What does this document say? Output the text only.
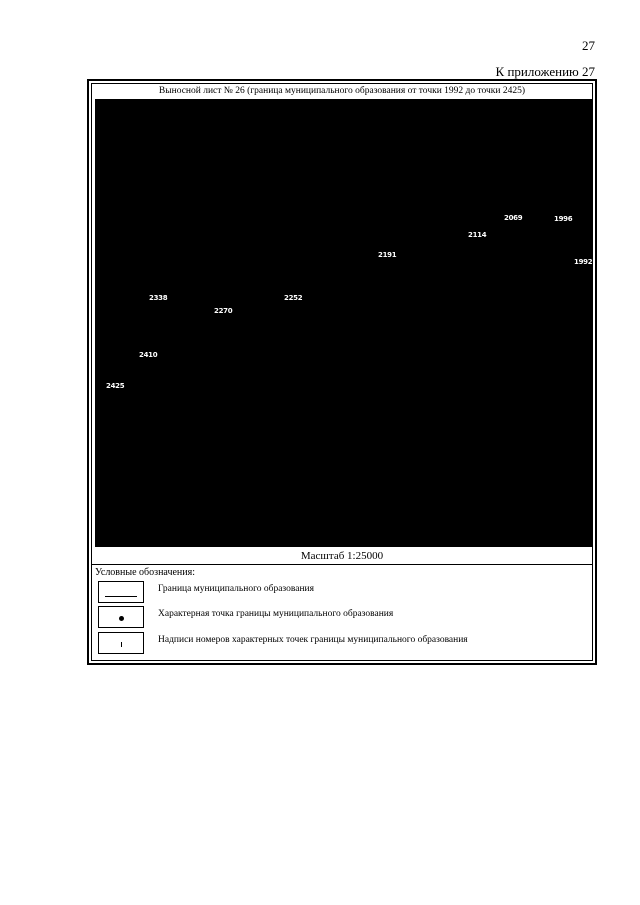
27
К приложению 27
Выносной лист № 26 (граница муниципального образования от точки 1992 до точки 2425)
2069	1996
2114
2191
1992
2338	2252
2270
2410
2425
Масштаб 1:25000
Условные обозначения:
Граница муниципального образования
Характерная точка границы муниципального образования
Надписи номеров характерных точек границы муниципального образования
